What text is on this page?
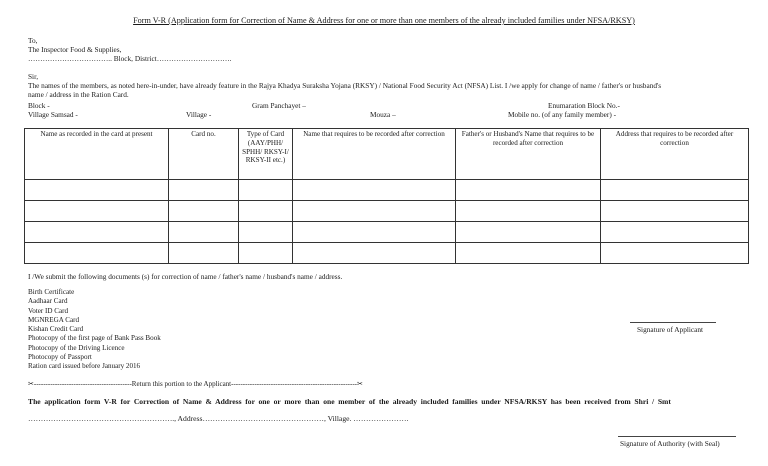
Form V-R (Application form for Correction of Name & Address for one or more than one members of the already included families under NFSA/RKSY)
To,
The Inspector Food & Supplies,
…………………………….. Block, District………………………….
Sir,
The names of the members, as noted here-in-under, have already feature in the Rajya Khadya Suraksha Yojana (RKSY) / National Food Security Act (NFSA) List. I /we apply for change of name / father's or husband's
name / address in the Ration Card.
Block -	Gram Panchayet –	Enumaration Block No.-
Village Samsad -	Village -	Mouza –	Mobile no. (of any family member) -
Name as recorded in the card at present	Card no.	Type of Card (AAY/PHH/ SPHH/ RKSY-I/ RKSY-II etc.)	Name that requires to be recorded after correction	Father's or Husband's Name that requires to be recorded after correction	Address that requires to be recorded after correction

I /We submit the following documents (s) for correction of name / father's name / husband's name / address.
Birth Certificate
Aadhaar Card
Voter ID Card
MGNREGA Card
Kishan Credit Card
Photocopy of the first page of Bank Pass Book
Photocopy of the Driving Licence
Photocopy of Passport
Ration card issued before January 2016
Signature of Applicant
✂------------------------------------------Return this portion to the Applicant------------------------------------------------------✂
The application form V-R for Correction of Name & Address for one or more than one member of the already included families under NFSA/RKSY has been received from Shri / Smt
…………………………………………………., Address…………………………………………, Village. ………………….
Signature of Authority (with Seal)
